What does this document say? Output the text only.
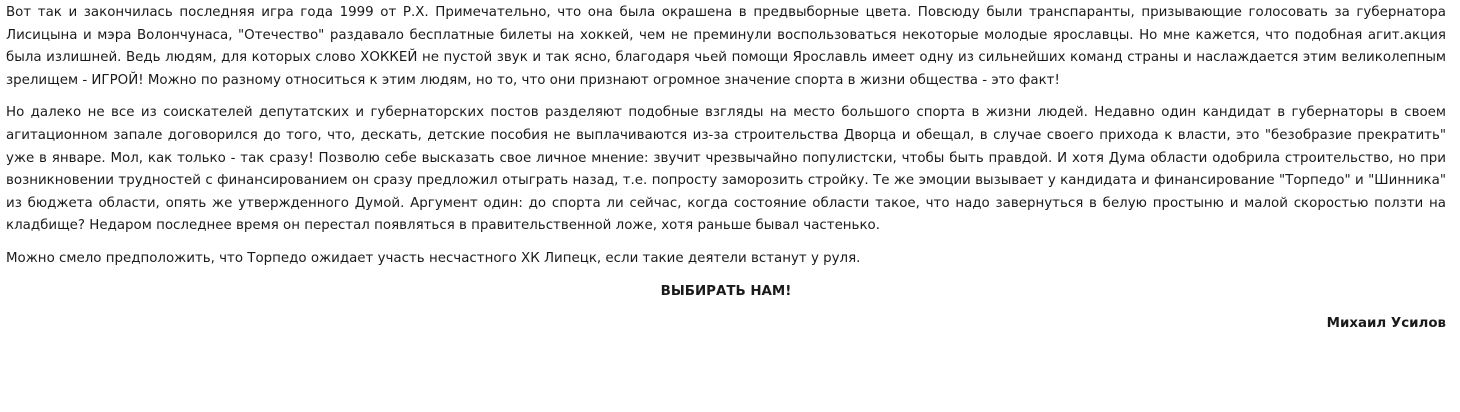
Вот так и закончилась последняя игра года 1999 от Р.Х. Примечательно, что она была окрашена в предвыборные цвета. Повсюду были транспаранты, призывающие голосовать за губернатора Лисицына и мэра Волончунаса, "Отечество" раздавало бесплатные билеты на хоккей, чем не преминули воспользоваться некоторые молодые ярославцы. Но мне кажется, что подобная агит.акция была излишней. Ведь людям, для которых слово ХОККЕЙ не пустой звук и так ясно, благодаря чьей помощи Ярославль имеет одну из сильнейших команд страны и наслаждается этим великолепным зрелищем - ИГРОЙ! Можно по разному относиться к этим людям, но то, что они признают огромное значение спорта в жизни общества - это факт!

Но далеко не все из соискателей депутатских и губернаторских постов разделяют подобные взгляды на место большого спорта в жизни людей. Недавно один кандидат в губернаторы в своем агитационном запале договорился до того, что, дескать, детские пособия не выплачиваются из-за строительства Дворца и обещал, в случае своего прихода к власти, это "безобразие прекратить" уже в январе. Мол, как только - так сразу! Позволю себе высказать свое личное мнение: звучит чрезвычайно популистски, чтобы быть правдой. И хотя Дума области одобрила строительство, но при возникновении трудностей с финансированием он сразу предложил отыграть назад, т.е. попросту заморозить стройку. Те же эмоции вызывает у кандидата и финансирование "Торпедо" и "Шинника" из бюджета области, опять же утвержденного Думой. Аргумент один: до спорта ли сейчас, когда состояние области такое, что надо завернуться в белую простыню и малой скоростью ползти на кладбище? Недаром последнее время он перестал появляться в правительственной ложе, хотя раньше бывал частенько.

Можно смело предположить, что Торпедо ожидает участь несчастного ХК Липецк, если такие деятели встанут у руля.

ВЫБИРАТЬ НАМ!
Михаил Усилов
